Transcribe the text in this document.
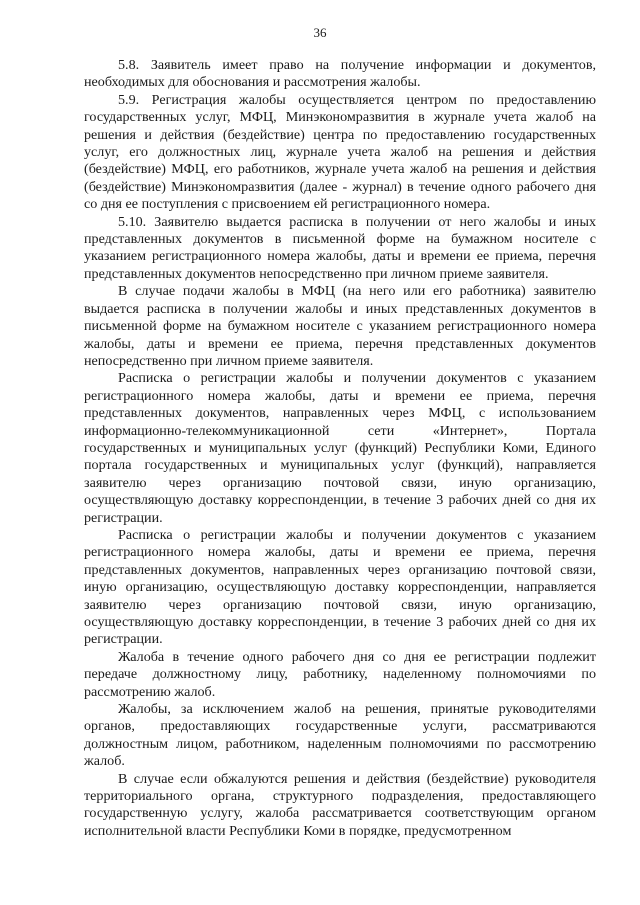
36

5.8. Заявитель имеет право на получение информации и документов, необходимых для обоснования и рассмотрения жалобы.

5.9. Регистрация жалобы осуществляется центром по предоставлению государственных услуг, МФЦ, Минэкономразвития в журнале учета жалоб на решения и действия (бездействие) центра по предоставлению государственных услуг, его должностных лиц, журнале учета жалоб на решения и действия (бездействие) МФЦ, его работников, журнале учета жалоб на решения и действия (бездействие) Минэкономразвития (далее - журнал) в течение одного рабочего дня со дня ее поступления с присвоением ей регистрационного номера.

5.10. Заявителю выдается расписка в получении от него жалобы и иных представленных документов в письменной форме на бумажном носителе с указанием регистрационного номера жалобы, даты и времени ее приема, перечня представленных документов непосредственно при личном приеме заявителя.

В случае подачи жалобы в МФЦ (на него или его работника) заявителю выдается расписка в получении жалобы и иных представленных документов в письменной форме на бумажном носителе с указанием регистрационного номера жалобы, даты и времени ее приема, перечня представленных документов непосредственно при личном приеме заявителя.

Расписка о регистрации жалобы и получении документов с указанием регистрационного номера жалобы, даты и времени ее приема, перечня представленных документов, направленных через МФЦ, с использованием информационно-телекоммуникационной сети «Интернет», Портала государственных и муниципальных услуг (функций) Республики Коми, Единого портала государственных и муниципальных услуг (функций), направляется заявителю через организацию почтовой связи, иную организацию, осуществляющую доставку корреспонденции, в течение 3 рабочих дней со дня их регистрации.

Расписка о регистрации жалобы и получении документов с указанием регистрационного номера жалобы, даты и времени ее приема, перечня представленных документов, направленных через организацию почтовой связи, иную организацию, осуществляющую доставку корреспонденции, направляется заявителю через организацию почтовой связи, иную организацию, осуществляющую доставку корреспонденции, в течение 3 рабочих дней со дня их регистрации.

Жалоба в течение одного рабочего дня со дня ее регистрации подлежит передаче должностному лицу, работнику, наделенному полномочиями по рассмотрению жалоб.

Жалобы, за исключением жалоб на решения, принятые руководителями органов, предоставляющих государственные услуги, рассматриваются должностным лицом, работником, наделенным полномочиями по рассмотрению жалоб.

В случае если обжалуются решения и действия (бездействие) руководителя территориального органа, структурного подразделения, предоставляющего государственную услугу, жалоба рассматривается соответствующим органом исполнительной власти Республики Коми в порядке, предусмотренном
